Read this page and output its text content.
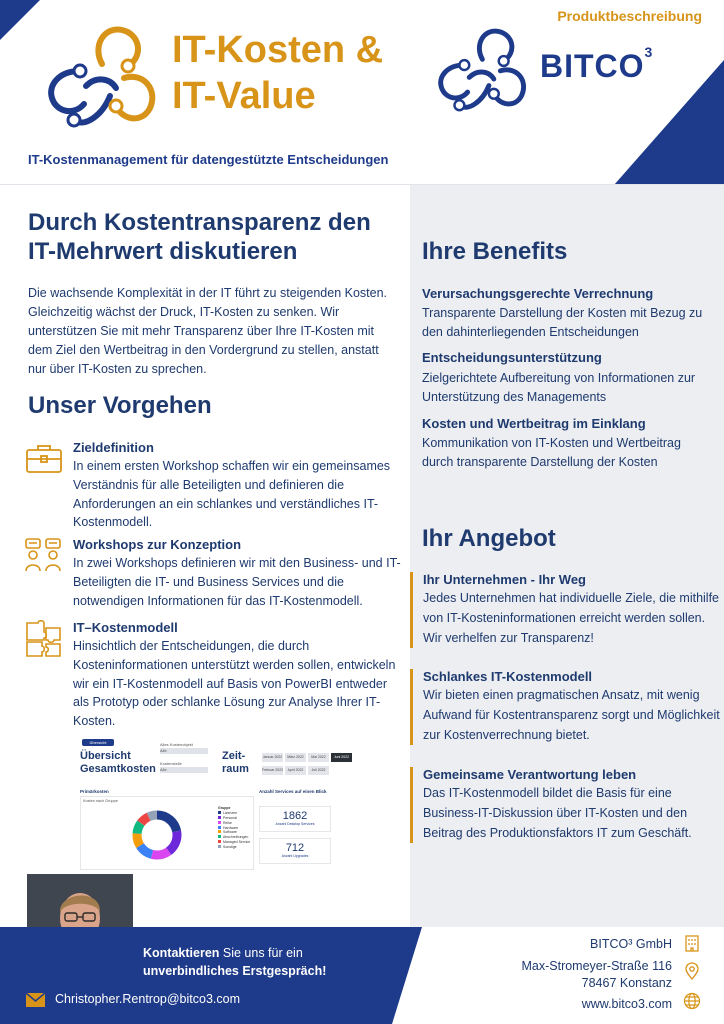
IT-Kosten &
IT-Value
IT-Kostenmanagement für datengestützte Entscheidungen
Produktbeschreibung
BITCO$^3$
Durch Kostentransparenz den IT-Mehrwert diskutieren
Die wachsende Komplexität in der IT führt zu steigenden Kosten. Gleichzeitig wächst der Druck, IT-Kosten zu senken. Wir unterstützen Sie mit mehr Transparenz über Ihre IT-Kosten mit dem Ziel den Wertbeitrag in den Vordergrund zu stellen, anstatt nur über IT-Kosten zu sprechen.
Unser Vorgehen
Zieldefinition
In einem ersten Workshop schaffen wir ein gemeinsames Verständnis für alle Beteiligten und definieren die Anforderungen an ein schlankes und verständliches IT-Kostenmodell.
Workshops zur Konzeption
In zwei Workshops definieren wir mit den Business- und IT-Beteiligten die IT- und Business Services und die notwendigen Informationen für das IT-Kostenmodell.
IT–Kostenmodell
Hinsichtlich der Entscheidungen, die durch Kosteninformationen unterstützt werden sollen, entwickeln wir ein IT-Kostenmodell auf Basis von PowerBI entweder als Prototyp oder schlanke Lösung zur Analyse Ihrer IT-Kosten.
Übersicht
Übersicht
Gesamtkosten
Alles Kostenobjekt
Alle
Kostenstelle
Alle
Zeit-
raum
Januar 2022	März 2022	Mai 2022	Juni 2022
Februar 2022	April 2022	Juli 2022
Primärkosten	Anzahl Services auf einen Blick
Kosten nach Gruppe
Gruppe
Lizenzen
Personal
Reise
Hardware
Software
Abschreibungen
Managed Service
Sonstige
1862
Anzahl Desktop Services
712
Anzahl Upgrades
Ihre Benefits
Verursachungsgerechte Verrechnung
Transparente Darstellung der Kosten mit Bezug zu den dahinterliegenden Entscheidungen
Entscheidungsunterstützung
Zielgerichtete Aufbereitung von Informationen zur Unterstützung des Managements
Kosten und Wertbeitrag im Einklang
Kommunikation von IT-Kosten und Wertbeitrag durch transparente Darstellung der Kosten
Ihr Angebot
Ihr Unternehmen - Ihr Weg
Jedes Unternehmen hat individuelle Ziele, die mithilfe von IT-Kosteninformationen erreicht werden sollen. Wir verhelfen zur Transparenz!
Schlankes IT-Kostenmodell
Wir bieten einen pragmatischen Ansatz, mit wenig Aufwand für Kostentransparenz sorgt und Möglichkeit zur Kostenverrechnung bietet.
Gemeinsame Verantwortung leben
Das IT-Kostenmodell bildet die Basis für eine Business-IT-Diskussion über IT-Kosten und den Beitrag des Produktionsfaktors IT zum Geschäft.
Kontaktieren Sie uns für ein
unverbindliches Erstgespräch!
Christopher.Rentrop@bitco3.com
BITCO³ GmbH
Max-Stromeyer-Straße 116
78467 Konstanz
www.bitco3.com
